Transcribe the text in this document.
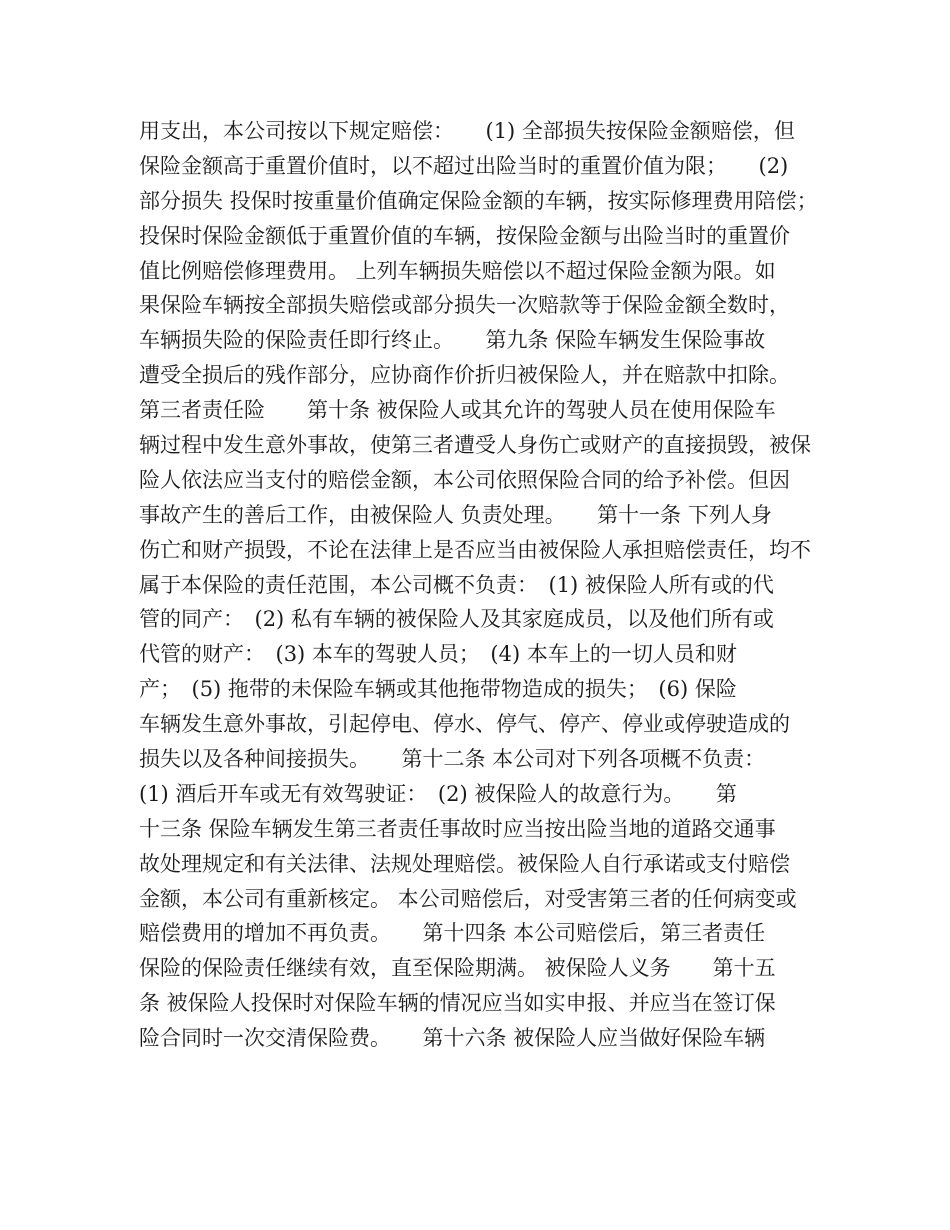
用支出，本公司按以下规定赔偿：　　(1) 全部损失按保险金额赔偿，但
保险金额高于重置价值时，以不超过出险当时的重置价值为限；　　(2)
部分损失 投保时按重量价值确定保险金额的车辆，按实际修理费用陪偿；
投保时保险金额低于重置价值的车辆，按保险金额与出险当时的重置价
值比例赔偿修理费用。 上列车辆损失赔偿以不超过保险金额为限。如
果保险车辆按全部损失赔偿或部分损失一次赔款等于保险金额全数时，
车辆损失险的保险责任即行终止。　　第九条 保险车辆发生保险事故
遭受全损后的残作部分，应协商作价折归被保险人，并在赔款中扣除。
第三者责任险　　第十条 被保险人或其允许的驾驶人员在使用保险车
辆过程中发生意外事故，使第三者遭受人身伤亡或财产的直接损毁，被保
险人依法应当支付的赔偿金额，本公司依照保险合同的给予补偿。但因
事故产生的善后工作，由被保险人 负责处理。　　第十一条 下列人身
伤亡和财产损毁，不论在法律上是否应当由被保险人承担赔偿责任，均不
属于本保险的责任范围，本公司概不负责：　(1) 被保险人所有或的代
管的同产：　(2) 私有车辆的被保险人及其家庭成员，以及他们所有或
代管的财产：　(3) 本车的驾驶人员；　(4) 本车上的一切人员和财
产；　(5) 拖带的未保险车辆或其他拖带物造成的损失；　(6) 保险
车辆发生意外事故，引起停电、停水、停气、停产、停业或停驶造成的
损失以及各种间接损失。　　第十二条 本公司对下列各项概不负责：
(1) 酒后开车或无有效驾驶证：　(2) 被保险人的故意行为。　　第
十三条 保险车辆发生第三者责任事故时应当按出险当地的道路交通事
故处理规定和有关法律、法规处理赔偿。被保险人自行承诺或支付赔偿
金额，本公司有重新核定。 本公司赔偿后，对受害第三者的任何病变或
赔偿费用的增加不再负责。　　第十四条 本公司赔偿后，第三者责任
保险的保险责任继续有效，直至保险期满。 被保险人义务　　第十五
条 被保险人投保时对保险车辆的情况应当如实申报、并应当在签订保
险合同时一次交清保险费。　　第十六条 被保险人应当做好保险车辆
